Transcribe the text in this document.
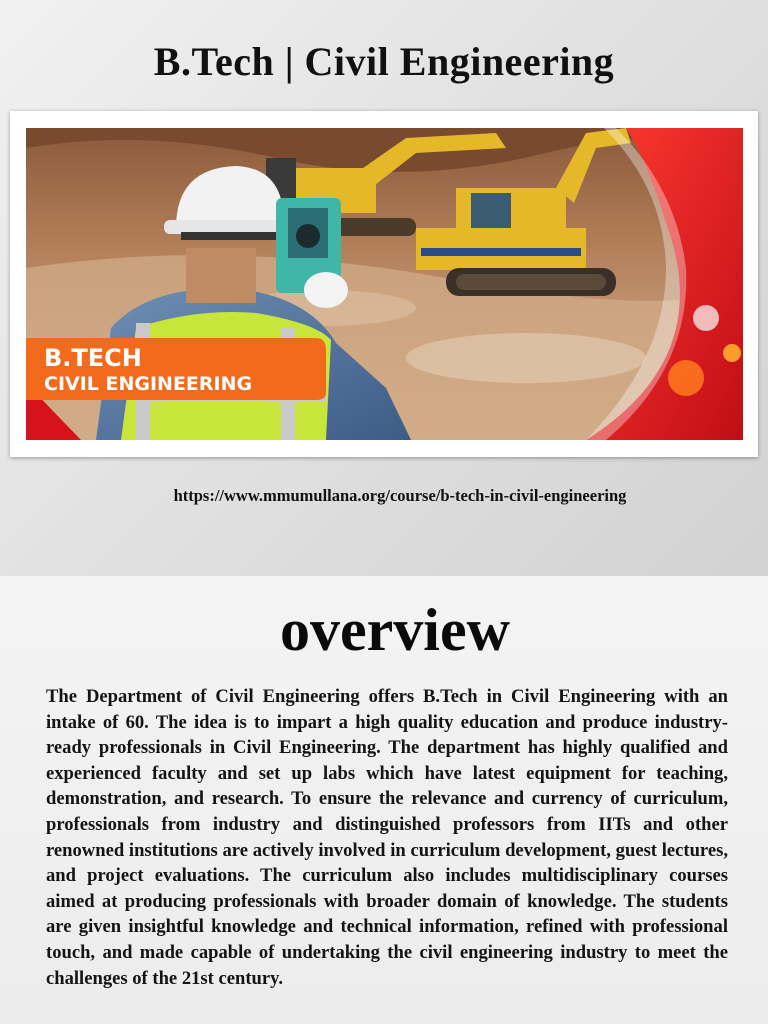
B.Tech | Civil Engineering
B.TECH
CIVIL ENGINEERING
https://www.mmumullana.org/course/b-tech-in-civil-engineering
overview
The Department of Civil Engineering offers B.Tech in Civil Engineering with an intake of 60. The idea is to impart a high quality education and produce industry-ready professionals in Civil Engineering. The department has highly qualified and experienced faculty and set up labs which have latest equipment for teaching, demonstration, and research. To ensure the relevance and currency of curriculum, professionals from industry and distinguished professors from IITs and other renowned institutions are actively involved in curriculum development, guest lectures, and project evaluations. The curriculum also includes multidisciplinary courses aimed at producing professionals with broader domain of knowledge. The students are given insightful knowledge and technical information, refined with professional touch, and made capable of undertaking the civil engineering industry to meet the challenges of the 21st century.
